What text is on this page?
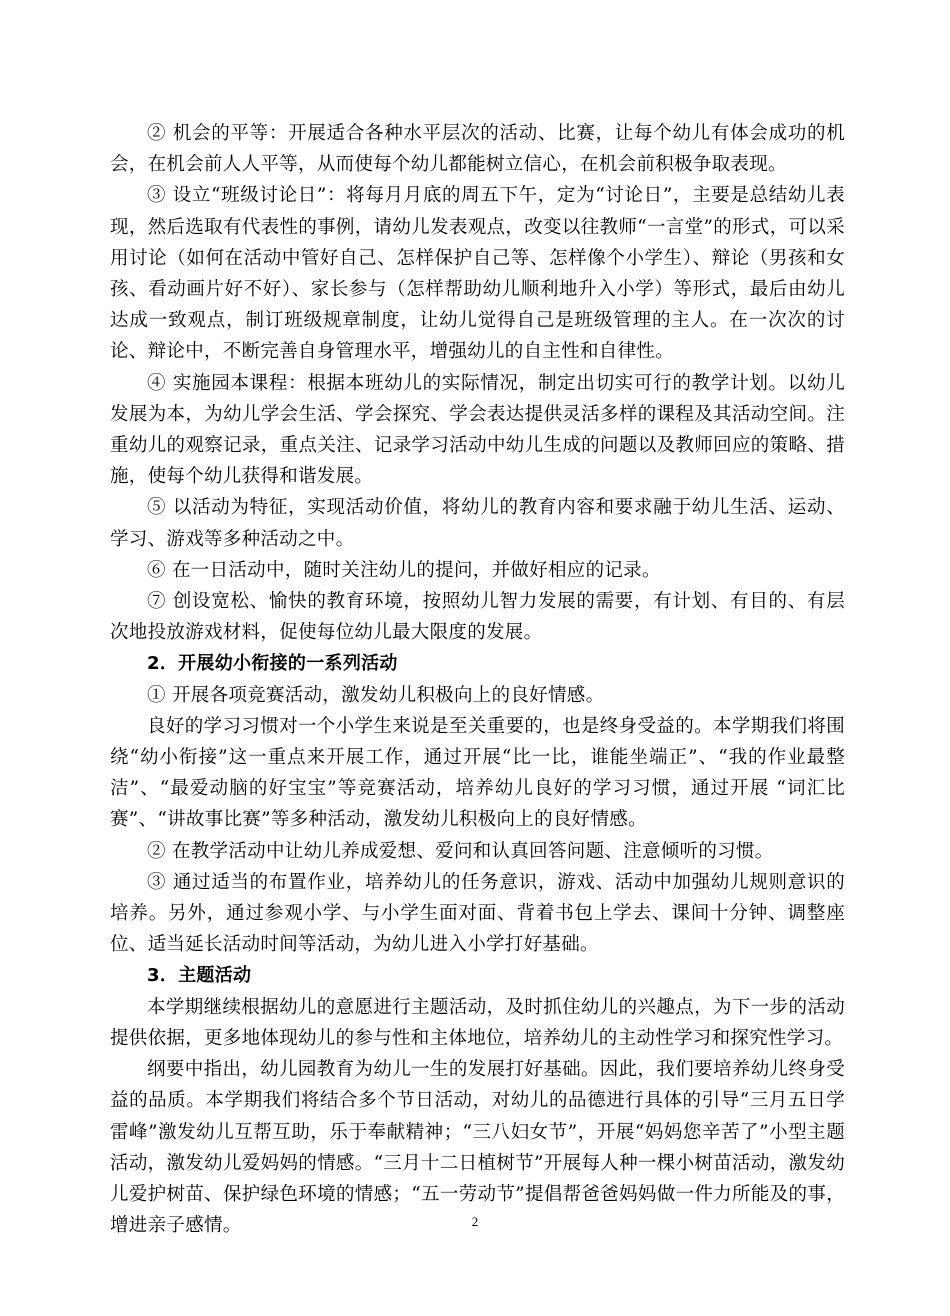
② 机会的平等：开展适合各种水平层次的活动、比赛，让每个幼儿有体会成功的机会，在机会前人人平等，从而使每个幼儿都能树立信心，在机会前积极争取表现。

③ 设立“班级讨论日”：将每月月底的周五下午，定为“讨论日”，主要是总结幼儿表现，然后选取有代表性的事例，请幼儿发表观点，改变以往教师“一言堂”的形式，可以采用讨论（如何在活动中管好自己、怎样保护自己等、怎样像个小学生）、辩论（男孩和女孩、看动画片好不好）、家长参与（怎样帮助幼儿顺利地升入小学）等形式，最后由幼儿达成一致观点，制订班级规章制度，让幼儿觉得自己是班级管理的主人。在一次次的讨论、辩论中，不断完善自身管理水平，增强幼儿的自主性和自律性。

④ 实施园本课程：根据本班幼儿的实际情况，制定出切实可行的教学计划。以幼儿发展为本，为幼儿学会生活、学会探究、学会表达提供灵活多样的课程及其活动空间。注重幼儿的观察记录，重点关注、记录学习活动中幼儿生成的问题以及教师回应的策略、措施，使每个幼儿获得和谐发展。

⑤ 以活动为特征，实现活动价值，将幼儿的教育内容和要求融于幼儿生活、运动、学习、游戏等多种活动之中。

⑥ 在一日活动中，随时关注幼儿的提问，并做好相应的记录。

⑦ 创设宽松、愉快的教育环境，按照幼儿智力发展的需要，有计划、有目的、有层次地投放游戏材料，促使每位幼儿最大限度的发展。

2．开展幼小衔接的一系列活动

① 开展各项竞赛活动，激发幼儿积极向上的良好情感。

良好的学习习惯对一个小学生来说是至关重要的，也是终身受益的。本学期我们将围绕“幼小衔接”这一重点来开展工作，通过开展“比一比，谁能坐端正”、“我的作业最整洁”、“最爱动脑的好宝宝”等竞赛活动，培养幼儿良好的学习习惯，通过开展 “词汇比赛”、“讲故事比赛”等多种活动，激发幼儿积极向上的良好情感。

② 在教学活动中让幼儿养成爱想、爱问和认真回答问题、注意倾听的习惯。

③ 通过适当的布置作业，培养幼儿的任务意识，游戏、活动中加强幼儿规则意识的培养。另外，通过参观小学、与小学生面对面、背着书包上学去、课间十分钟、调整座位、适当延长活动时间等活动，为幼儿进入小学打好基础。

3．主题活动

本学期继续根据幼儿的意愿进行主题活动，及时抓住幼儿的兴趣点，为下一步的活动提供依据，更多地体现幼儿的参与性和主体地位，培养幼儿的主动性学习和探究性学习。

纲要中指出，幼儿园教育为幼儿一生的发展打好基础。因此，我们要培养幼儿终身受益的品质。本学期我们将结合多个节日活动，对幼儿的品德进行具体的引导“三月五日学雷峰”激发幼儿互帮互助，乐于奉献精神；“三八妇女节”，开展“妈妈您辛苦了”小型主题活动，激发幼儿爱妈妈的情感。“三月十二日植树节”开展每人种一棵小树苗活动，激发幼儿爱护树苗、保护绿色环境的情感；“五一劳动节”提倡帮爸爸妈妈做一件力所能及的事，增进亲子感情。	2
